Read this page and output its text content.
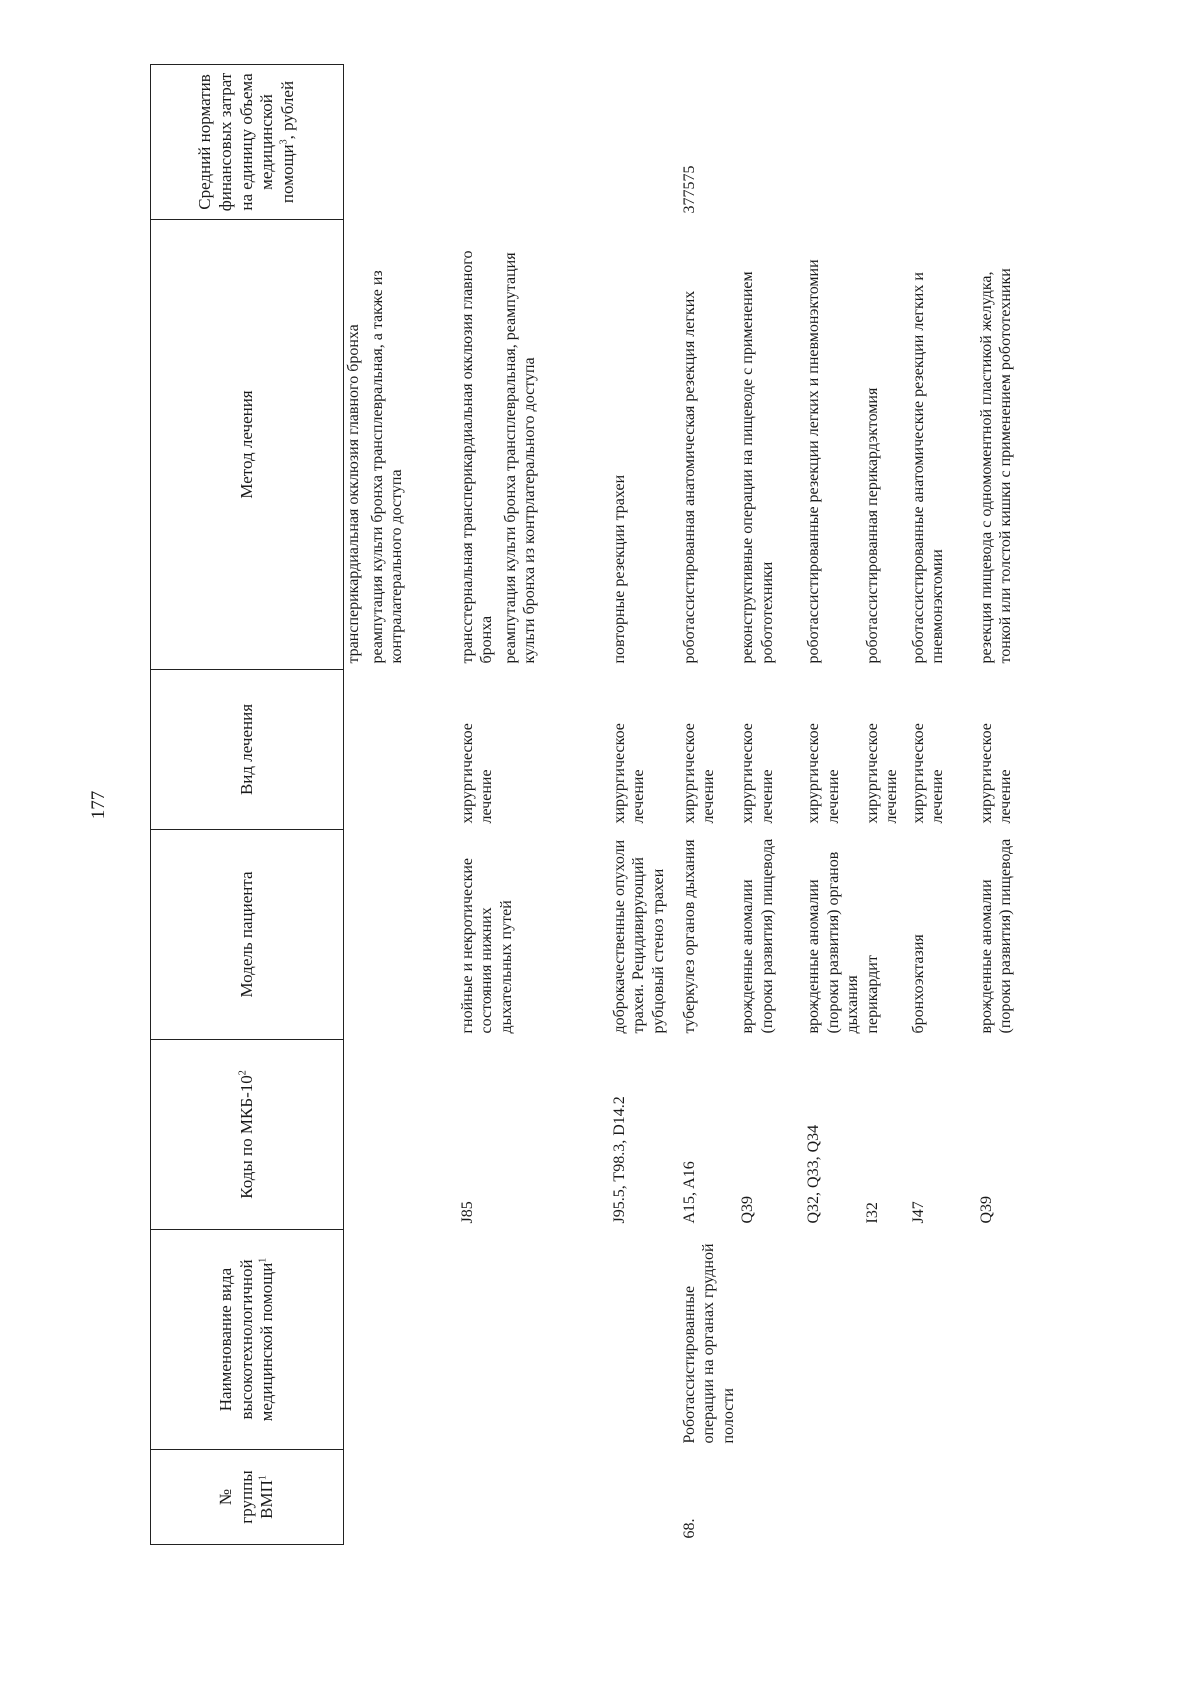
177
№ группы ВМП$^1$	Наименование вида высокотехнологичной медицинской помощи$^1$	Коды по МКБ-$10^2$	Модель пациента	Вид лечения	Метод лечения	Средний норматив финансовых затрат на единицу объема медицинской помощи$^3$, рублей

					трансперикардиальная окклюзия главного бронха реампутация культи бронха трансплевральная, а также из контралатерального доступа	

		J85	гнойные и некротические состояния нижних дыхательных путей	хирургическое лечение	трансстернальная трансперикардиальная окклюзия главного бронха реампутация культи бронха трансплевральная, реампутация культи бронха из контрлатерального доступа	

		J95.5, T98.3, D14.2	доброкачественные опухоли трахеи. Рецидивирующий рубцовый стеноз трахеи	хирургическое лечение	повторные резекции трахеи	
68.	Роботассистированные операции на органах грудной полости	A15, A16	туберкулез органов дыхания	хирургическое лечение	роботассистированная анатомическая резекция легких	377575
		Q39	врожденные аномалии (пороки развития) пищевода	хирургическое лечение	реконструктивные операции на пищеводе с применением робототехники	
		Q32, Q33, Q34	врожденные аномалии (пороки развития) органов дыхания	хирургическое лечение	роботассистированные резекции легких и пневмонэктомии	
		I32	перикардит	хирургическое лечение	роботассистированная перикардэктомия	
		J47	бронхоэктазия	хирургическое лечение	роботассистированные анатомические резекции легких и пневмонэктомии	
		Q39	врожденные аномалии (пороки развития) пищевода	хирургическое лечение	резекция пищевода с одномоментной пластикой желудка, тонкой или толстой кишки с применением робототехники	
